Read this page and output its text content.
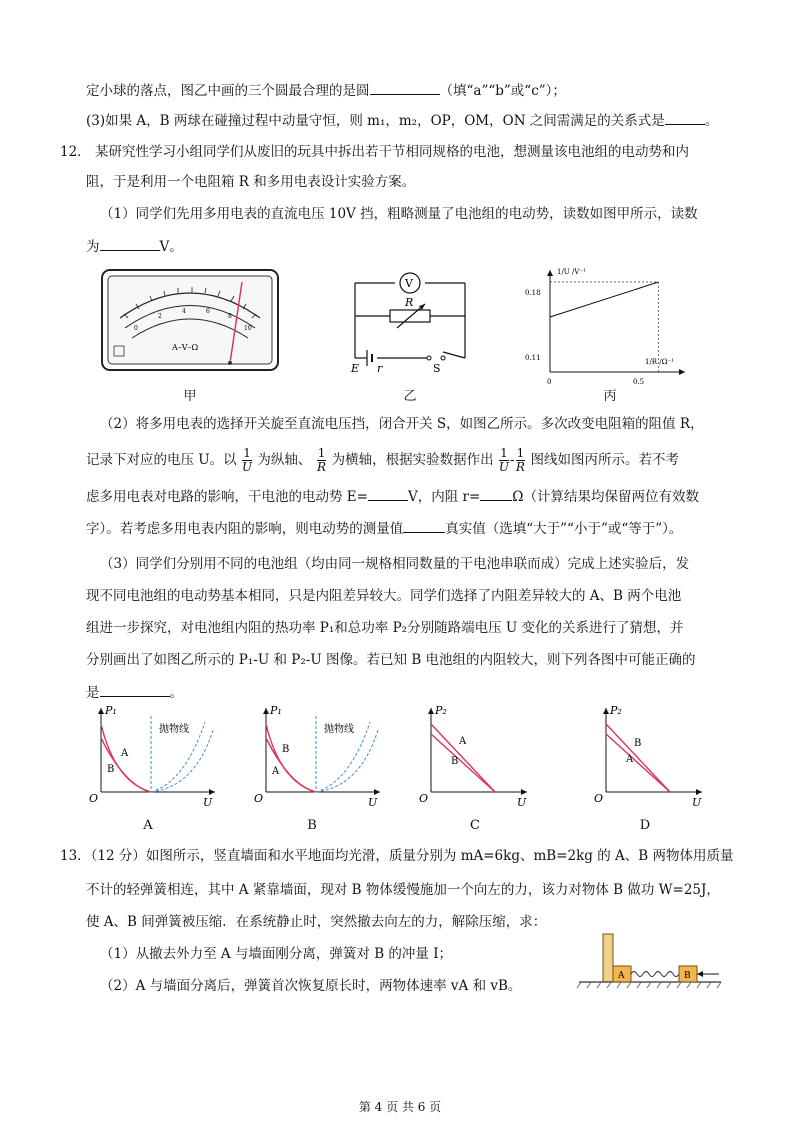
定小球的落点，图乙中画的三个圆最合理的是圆	（填“a”“b”或“c”）；
(3)如果 A，B 两球在碰撞过程中动量守恒，则 m₁，m₂，OP，OM，ON 之间需满足的关系式是	。
12． 某研究性学习小组同学们从废旧的玩具中拆出若干节相同规格的电池，想测量该电池组的电动势和内
阻，于是利用一个电阻箱 R 和多用电表设计实验方案。
（1）同学们先用多用电表的直流电压 10V 挡，粗略测量了电池组的电动势，读数如图甲所示，读数
为	V。
0
2
4	6
8
10
A–V–Ω
甲
V
R
E r	S
乙
1/U /V⁻¹
1/R /Ω⁻¹
0.18
0.11
0	0.5
丙
（2）将多用电表的选择开关旋至直流电压挡，闭合开关 S，如图乙所示。多次改变电阻箱的阻值 R，
记录下对应的电压 U。以 $\frac{1}{U}$ 为纵轴、 $\frac{1}{R}$ 为横轴，根据实验数据作出 $\frac{1}{U} - \frac{1}{R}$ 图线如图丙所示。若不考
虑多用电表对电路的影响，干电池的电动势 E=	V，内阻 r= Ω（计算结果均保留两位有效数
字）。若考虑多用电表内阻的影响，则电动势的测量值	真实值（选填“大于”“小于”或“等于”）。
（3）同学们分别用不同的电池组（均由同一规格相同数量的干电池串联而成）完成上述实验后，发
现不同电池组的电动势基本相同，只是内阻差异较大。同学们选择了内阻差异较大的 A、B 两个电池
组进一步探究，对电池组内阻的热功率 P₁和总功率 P₂分别随路端电压 U 变化的关系进行了猜想，并
分别画出了如图乙所示的 P₁-U 和 P₂-U 图像。若已知 B 电池组的内阻较大，则下列各图中可能正确的
是	。
P₁
A
B
抛物线
O	U
A
P₁
B
A
抛物线
O	U
B
P₂
A
B
O	U
C
P₂
B
A
O	U
D
13．（12 分）如图所示，竖直墙面和水平地面均光滑，质量分别为 mA=6kg、mB=2kg 的 A、B 两物体用质量
不计的轻弹簧相连，其中 A 紧靠墙面，现对 B 物体缓慢施加一个向左的力，该力对物体 B 做功 W=25J，
使 A、B 间弹簧被压缩．在系统静止时，突然撤去向左的力，解除压缩，求：
（1）从撤去外力至 A 与墙面刚分离，弹簧对 B 的冲量 I；
（2）A 与墙面分离后，弹簧首次恢复原长时，两物体速率 vA 和 vB。
A	B
第 4 页 共 6 页
